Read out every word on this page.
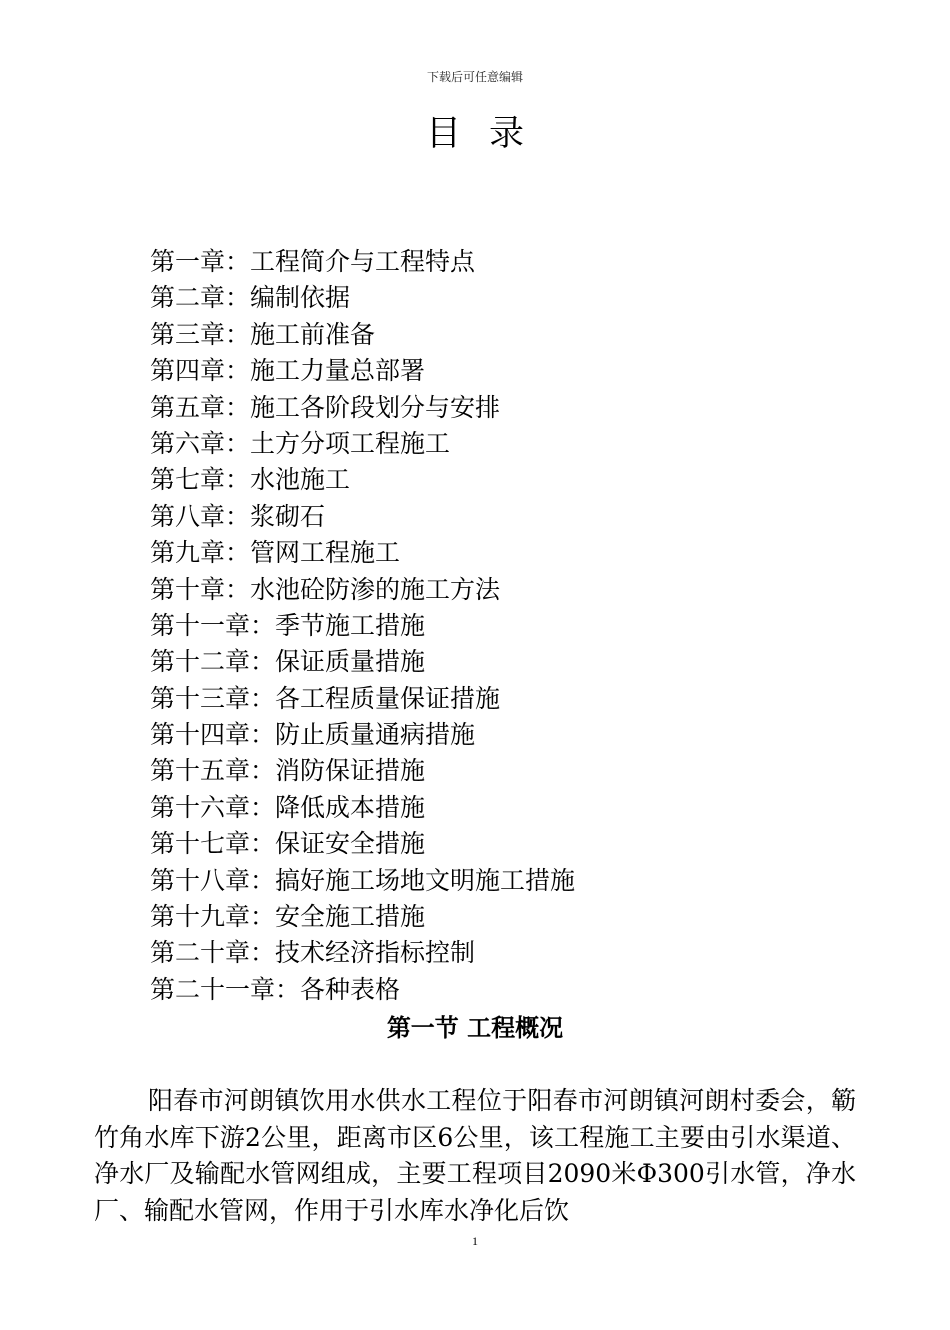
下载后可任意编辑
目 录
第一章：工程简介与工程特点
第二章：编制依据
第三章：施工前准备
第四章：施工力量总部署
第五章：施工各阶段划分与安排
第六章：土方分项工程施工
第七章：水池施工
第八章：浆砌石
第九章：管网工程施工
第十章：水池砼防渗的施工方法
第十一章：季节施工措施
第十二章：保证质量措施
第十三章：各工程质量保证措施
第十四章：防止质量通病措施
第十五章：消防保证措施
第十六章：降低成本措施
第十七章：保证安全措施
第十八章：搞好施工场地文明施工措施
第十九章：安全施工措施
第二十章：技术经济指标控制
第二十一章：各种表格
第一节 工程概况

阳春市河朗镇饮用水供水工程位于阳春市河朗镇河朗村委会，簕竹角水库下游2公里，距离市区6公里，该工程施工主要由引水渠道、净水厂及输配水管网组成，主要工程项目2090米Φ300引水管，净水厂、输配水管网，作用于引水库水净化后饮

1
